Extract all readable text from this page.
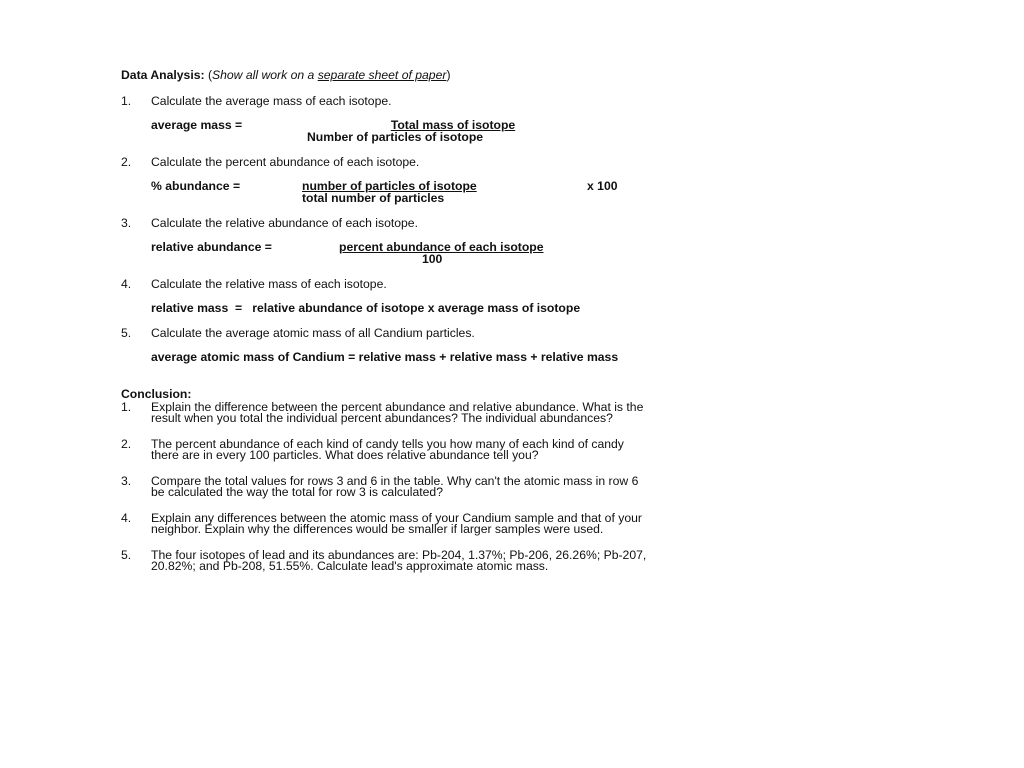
Data Analysis: (Show all work on a separate sheet of paper)
1. Calculate the average mass of each isotope.
average mass =	Total mass of isotope
Number of particles of isotope
2. Calculate the percent abundance of each isotope.
% abundance =	number of particles of isotope	x 100
total number of particles
3. Calculate the relative abundance of each isotope.
relative abundance =	percent abundance of each isotope
100
4. Calculate the relative mass of each isotope.
relative mass  =   relative abundance of isotope x average mass of isotope
5. Calculate the average atomic mass of all Candium particles.
average atomic mass of Candium = relative mass + relative mass + relative mass
Conclusion:
1. Explain the difference between the percent abundance and relative abundance. What is the
result when you total the individual percent abundances? The individual abundances?
2. The percent abundance of each kind of candy tells you how many of each kind of candy
there are in every 100 particles. What does relative abundance tell you?
3. Compare the total values for rows 3 and 6 in the table. Why can't the atomic mass in row 6
be calculated the way the total for row 3 is calculated?
4. Explain any differences between the atomic mass of your Candium sample and that of your
neighbor. Explain why the differences would be smaller if larger samples were used.
5. The four isotopes of lead and its abundances are: Pb-204, 1.37%; Pb-206, 26.26%; Pb-207,
20.82%; and Pb-208, 51.55%. Calculate lead's approximate atomic mass.
